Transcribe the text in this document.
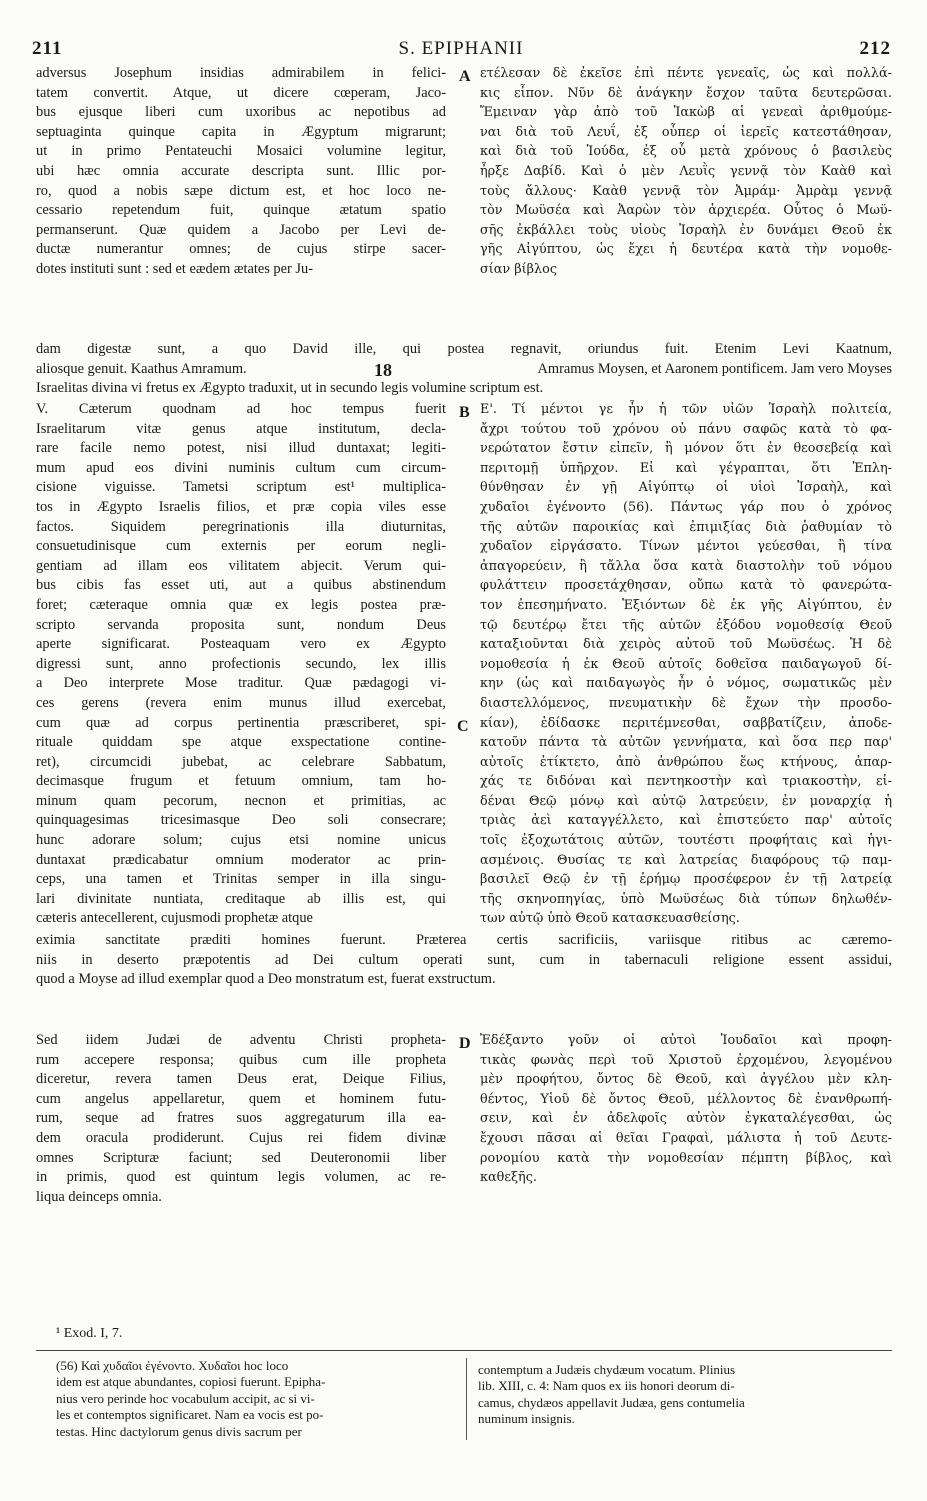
211	S. EPIPHANII	212
adversus Josephum insidias admirabilem in felici-
tatem convertit. Atque, ut dicere cœperam, Jaco-
bus ejusque liberi cum uxoribus ac nepotibus ad
septuaginta quinque capita in Ægyptum migrarunt;
ut in primo Pentateuchi Mosaici volumine legitur,
ubi hæc omnia accurate descripta sunt. Illic por-
ro, quod a nobis sæpe dictum est, et hoc loco ne-
cessario repetendum fuit, quinque ætatum spatio
permanserunt. Quæ quidem a Jacobo per Levi de-
ductæ numerantur omnes; de cujus stirpe sacer-
dotes instituti sunt : sed et eædem ætates per Ju-
A ετέλεσαν δὲ ἐκεῖσε ἐπὶ πέντε γενεαῖς, ὡς καὶ πολλά-
κις εἶπον. Νῦν δὲ ἀνάγκην ἔσχον ταῦτα δευτερῶσαι.
Ἔμειναν γὰρ ἀπὸ τοῦ Ἰακὼβ αἱ γενεαὶ ἀριθμούμε-
ναι διὰ τοῦ Λευΐ, ἐξ οὗπερ οἱ ἱερεῖς κατεστάθησαν,
καὶ διὰ τοῦ Ἰούδα, ἐξ οὗ μετὰ χρόνους ὁ βασιλεὺς
ἦρξε Δαβίδ. Καὶ ὁ μὲν Λευῒς γεννᾷ τὸν Καὰθ καὶ
τοὺς ἄλλους· Καὰθ γεννᾷ τὸν Ἀμράμ· Ἀμρὰμ γεννᾷ
τὸν Μωϋσέα καὶ Ἀαρὼν τὸν ἀρχιερέα. Οὗτος ὁ Μωϋ-
σῆς ἐκβάλλει τοὺς υἱοὺς Ἰσραὴλ ἐν δυνάμει Θεοῦ ἐκ
γῆς Αἰγύπτου, ὡς ἔχει ἡ δευτέρα κατὰ τὴν νομοθε-
σίαν βίβλος
dam digestæ sunt, a quo David ille, qui postea regnavit, oriundus fuit. Etenim Levi Kaatnum,
aliosque genuit. Kaathus Amramum.	Amramus Moysen, et Aaronem pontificem. Jam vero Moyses
Israelitas divina vi fretus ex Ægypto traduxit, ut in secundo legis volumine scriptum est.
18
V. Cæterum quodnam ad hoc tempus fuerit
Israelitarum vitæ genus atque institutum, decla-
rare facile nemo potest, nisi illud duntaxat; legiti-
mum apud eos divini numinis cultum cum circum-
cisione viguisse. Tametsi scriptum est¹ multiplica-
tos in Ægypto Israelis filios, et præ copia viles esse
factos. Siquidem peregrinationis illa diuturnitas,
consuetudinisque cum externis per eorum negli-
gentiam ad illam eos vilitatem abjecit. Verum qui-
bus cibis fas esset uti, aut a quibus abstinendum
foret; cæteraque omnia quæ ex legis postea præ-
scripto servanda proposita sunt, nondum Deus
aperte significarat. Posteaquam vero ex Ægypto
digressi sunt, anno profectionis secundo, lex illis
a Deo interprete Mose traditur. Quæ pædagogi vi-
ces gerens (revera enim munus illud exercebat,
cum quæ ad corpus pertinentia præscriberet, spi-
rituale quiddam spe atque exspectatione contine-
ret), circumcidi jubebat, ac celebrare Sabbatum,
decimasque frugum et fetuum omnium, tam ho-
minum quam pecorum, necnon et primitias, ac
quinquagesimas tricesimasque Deo soli consecrare;
hunc adorare solum; cujus etsi nomine unicus
duntaxat prædicabatur omnium moderator ac prin-
ceps, una tamen et Trinitas semper in illa singu-
lari divinitate nuntiata, creditaque ab illis est, qui
cæteris antecellerent, cujusmodi prophetæ atque
B
C
Ε'. Τί μέντοι γε ἦν ἡ τῶν υἱῶν Ἰσραὴλ πολιτεία,
ἄχρι τούτου τοῦ χρόνου οὐ πάνυ σαφῶς κατὰ τὸ φα-
νερώτατον ἔστιν εἰπεῖν, ἢ μόνον ὅτι ἐν θεοσεβείᾳ καὶ
περιτομῇ ὑπῆρχον. Εἰ καὶ γέγραπται, ὅτι Ἐπλη-
θύνθησαν ἐν γῇ Αἰγύπτῳ οἱ υἱοὶ Ἰσραὴλ, καὶ
χυδαῖοι ἐγένοντο (56). Πάντως γάρ που ὁ χρόνος
τῆς αὐτῶν παροικίας καὶ ἐπιμιξίας διὰ ῥαθυμίαν τὸ
χυδαῖον εἰργάσατο. Τίνων μέντοι γεύεσθαι, ἢ τίνα
ἀπαγορεύειν, ἢ τἄλλα ὅσα κατὰ διαστολὴν τοῦ νόμου
φυλάττειν προσετάχθησαν, οὔπω κατὰ τὸ φανερώτα-
τον ἐπεσημήνατο. Ἐξιόντων δὲ ἐκ γῆς Αἰγύπτου, ἐν
τῷ δευτέρῳ ἔτει τῆς αὐτῶν ἐξόδου νομοθεσίᾳ Θεοῦ
καταξιοῦνται διὰ χειρὸς αὐτοῦ τοῦ Μωϋσέως. Ἡ δὲ
νομοθεσία ἡ ἐκ Θεοῦ αὐτοῖς δοθεῖσα παιδαγωγοῦ δί-
κην (ὡς καὶ παιδαγωγὸς ἦν ὁ νόμος, σωματικῶς μὲν
διαστελλόμενος, πνευματικὴν δὲ ἔχων τὴν προσδο-
κίαν), ἐδίδασκε περιτέμνεσθαι, σαββατίζειν, ἀποδε-
κατοῦν πάντα τὰ αὐτῶν γεννήματα, καὶ ὅσα περ παρ'
αὐτοῖς ἐτίκτετο, ἀπὸ ἀνθρώπου ἕως κτήνους, ἀπαρ-
χάς τε διδόναι καὶ πεντηκοστὴν καὶ τριακοστὴν, εἰ-
δέναι Θεῷ μόνῳ καὶ αὐτῷ λατρεύειν, ἐν μοναρχίᾳ ἡ
τριὰς ἀεὶ καταγγέλλετο, καὶ ἐπιστεύετο παρ' αὐτοῖς
τοῖς ἐξοχωτάτοις αὐτῶν, τουτέστι προφήταις καὶ ἡγι-
ασμένοις. Θυσίας τε καὶ λατρείας διαφόρους τῷ παμ-
βασιλεῖ Θεῷ ἐν τῇ ἐρήμῳ προσέφερον ἐν τῇ λατρείᾳ
τῆς σκηνοπηγίας, ὑπὸ Μωϋσέως διὰ τύπων δηλωθέν-
των αὐτῷ ὑπὸ Θεοῦ κατασκευασθείσης.
eximia sanctitate præditi homines fuerunt. Præterea certis sacrificiis, variisque ritibus ac cæremo-
niis in deserto præpotentis ad Dei cultum operati sunt, cum in tabernaculi religione essent assidui,
quod a Moyse ad illud exemplar quod a Deo monstratum est, fuerat exstructum.
Sed iidem Judæi de adventu Christi propheta-
rum accepere responsa; quibus cum ille propheta
diceretur, revera tamen Deus erat, Deique Filius,
cum angelus appellaretur, quem et hominem futu-
rum, seque ad fratres suos aggregaturum illa ea-
dem oracula prodiderunt. Cujus rei fidem divinæ
omnes Scripturæ faciunt; sed Deuteronomii liber
in primis, quod est quintum legis volumen, ac re-
liqua deinceps omnia.
D Ἐδέξαντο γοῦν οἱ αὐτοὶ Ἰουδαῖοι καὶ προφη-
τικὰς φωνὰς περὶ τοῦ Χριστοῦ ἐρχομένου, λεγομένου
μὲν προφήτου, ὄντος δὲ Θεοῦ, καὶ ἀγγέλου μὲν κλη-
θέντος, Υἱοῦ δὲ ὄντος Θεοῦ, μέλλοντος δὲ ἐνανθρωπή-
σειν, καὶ ἐν ἀδελφοῖς αὐτὸν ἐγκαταλέγεσθαι, ὡς
ἔχουσι πᾶσαι αἱ θεῖαι Γραφαὶ, μάλιστα ἡ τοῦ Δευτε-
ρονομίου κατὰ τὴν νομοθεσίαν πέμπτη βίβλος, καὶ
καθεξῆς.
¹ Exod. I, 7.
(56) Καὶ χυδαῖοι ἐγένοντο. Χυδαῖοι hoc loco
idem est atque abundantes, copiosi fuerunt. Epipha-
nius vero perinde hoc vocabulum accipit, ac si vi-
les et contemptos significaret. Nam ea vocis est po-
testas. Hinc dactylorum genus divis sacrum per
contemptum a Judæis chydæum vocatum. Plinius
lib. XIII, c. 4: Nam quos ex iis honori deorum di-
camus, chydæos appellavit Judæa, gens contumelia
numinum insignis.
